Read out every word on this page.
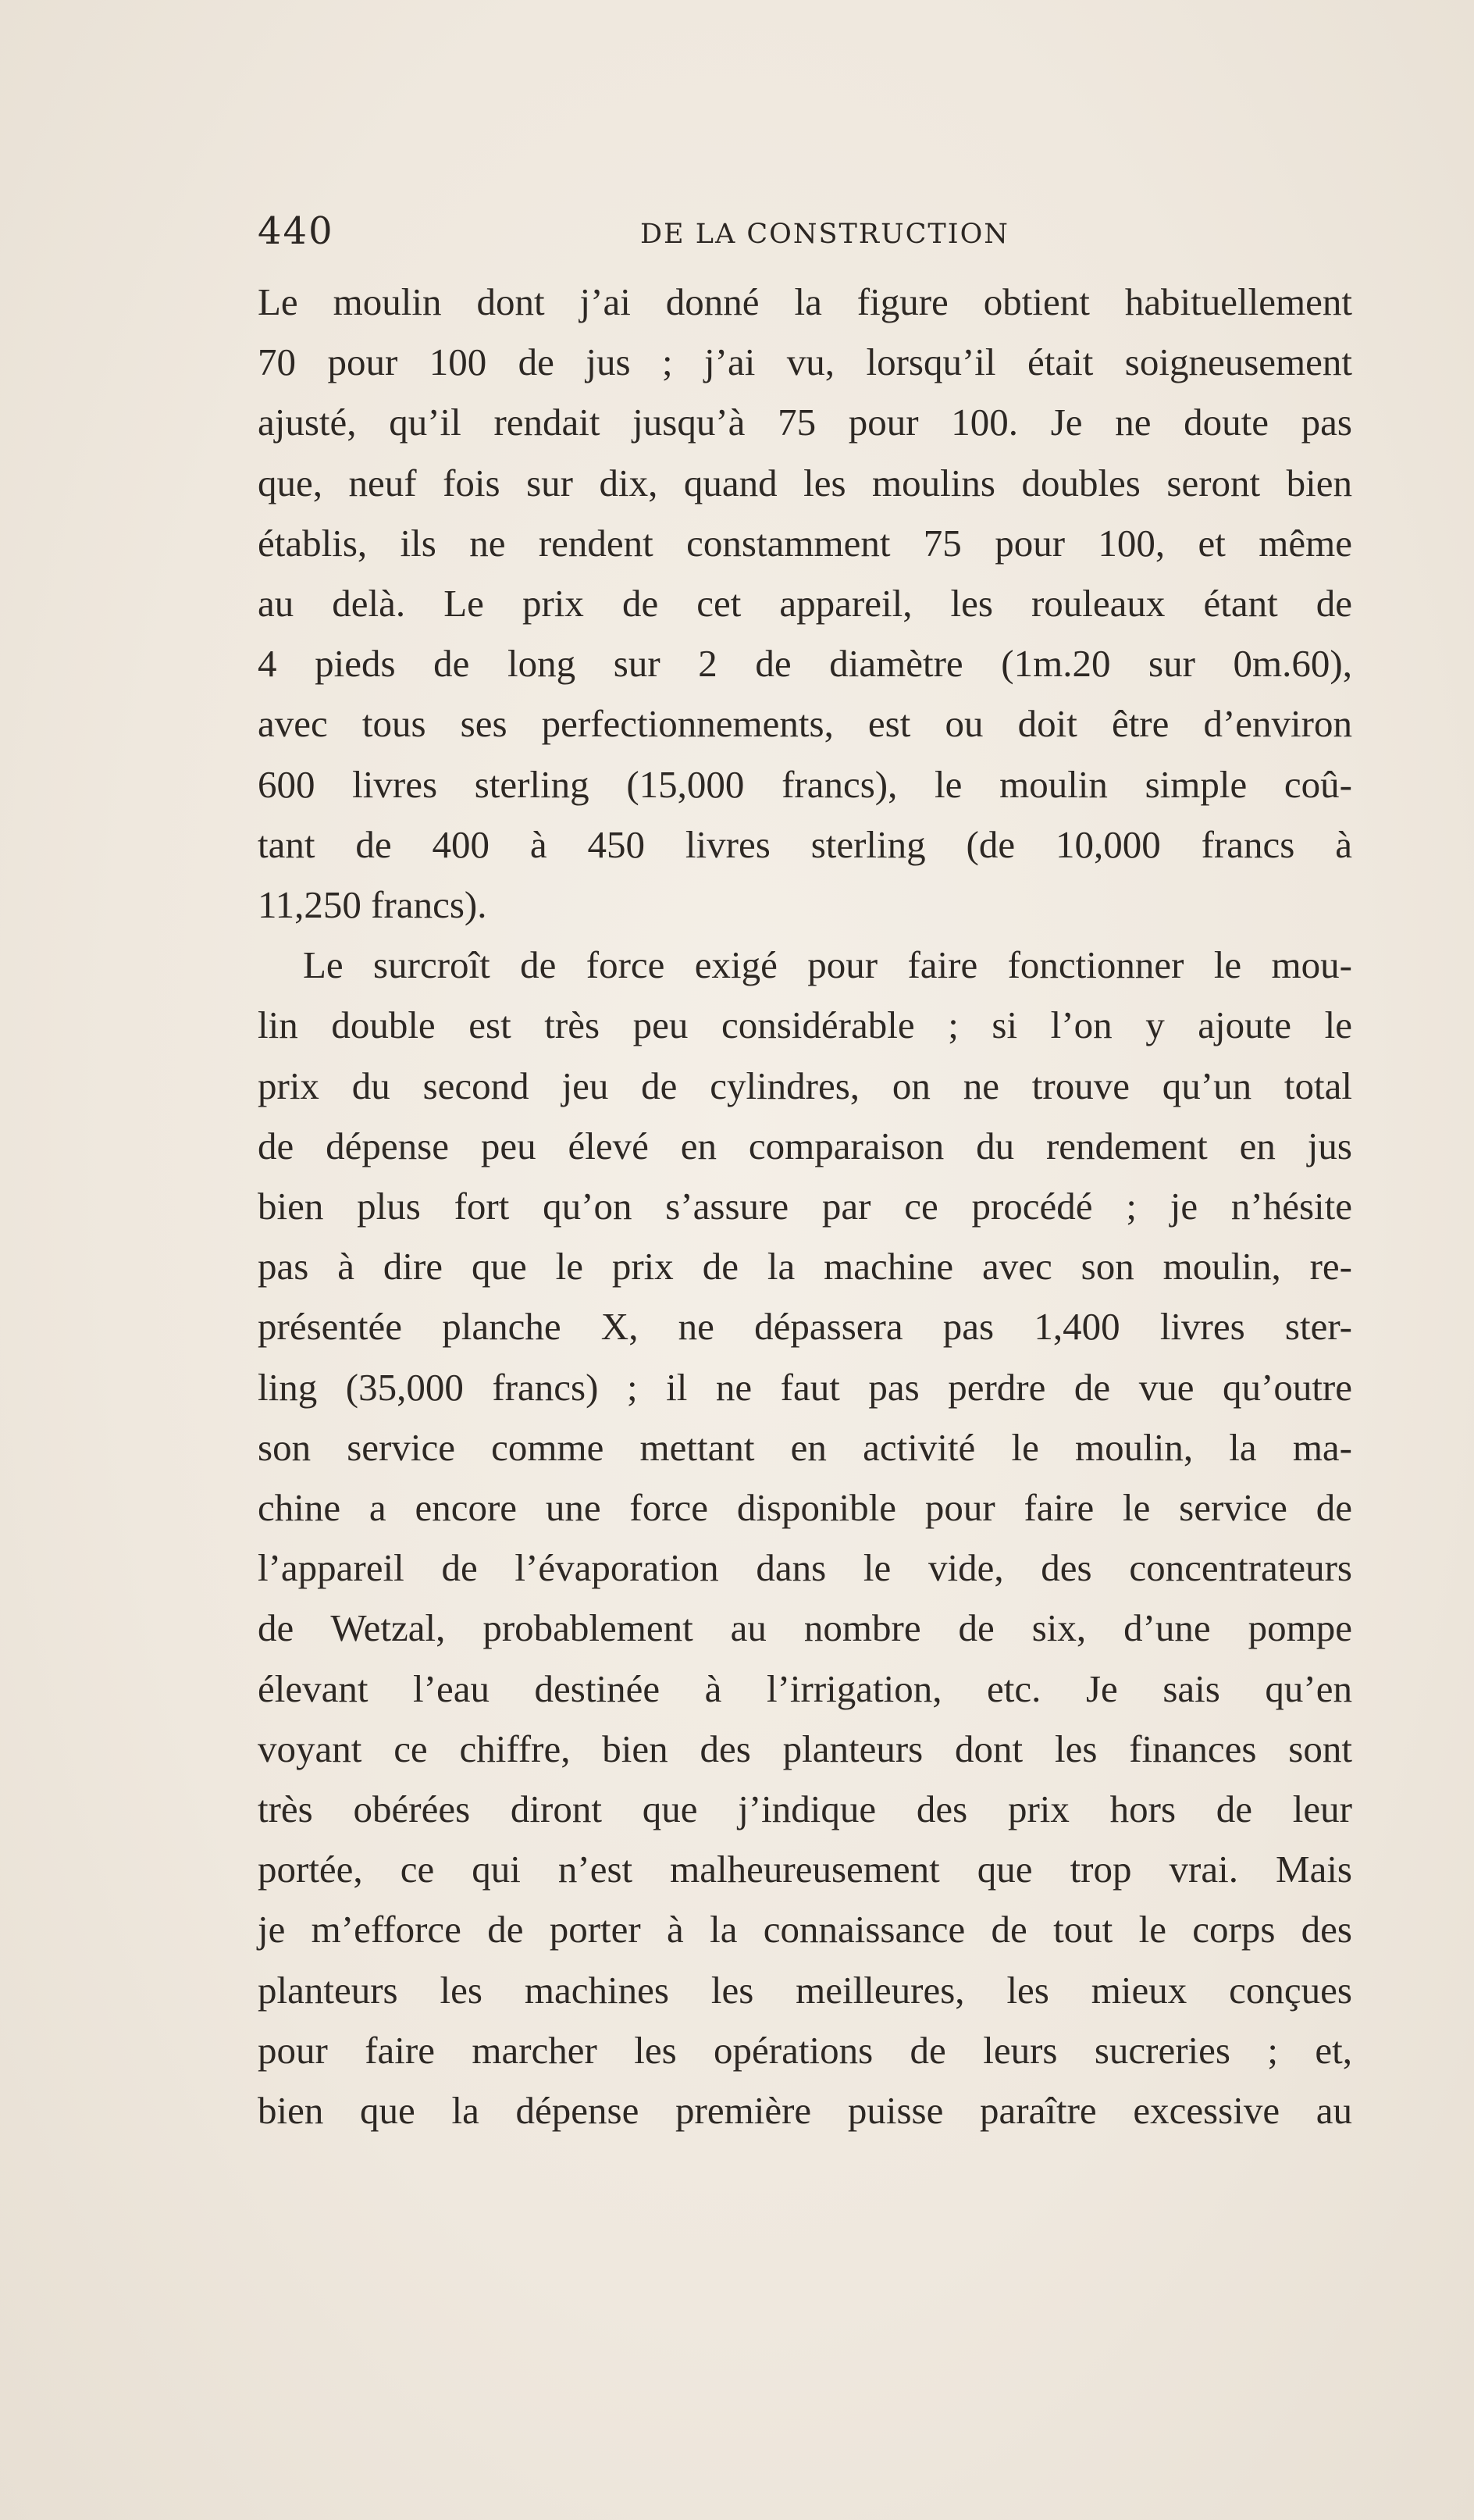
440	DE LA CONSTRUCTION

Le moulin dont j’ai donné la figure obtient habituellement

70 pour 100 de jus ; j’ai vu, lorsqu’il était soigneusement

ajusté, qu’il rendait jusqu’à 75 pour 100. Je ne doute pas

que, neuf fois sur dix, quand les moulins doubles seront bien

établis, ils ne rendent constamment 75 pour 100, et même

au delà. Le prix de cet appareil, les rouleaux étant de

4 pieds de long sur 2 de diamètre (1m.20 sur 0m.60),

avec tous ses perfectionnements, est ou doit être d’environ

600 livres sterling (15,000 francs), le moulin simple coû-

tant de 400 à 450 livres sterling (de 10,000 francs à

11,250 francs).

Le surcroît de force exigé pour faire fonctionner le mou-

lin double est très peu considérable ; si l’on y ajoute le

prix du second jeu de cylindres, on ne trouve qu’un total

de dépense peu élevé en comparaison du rendement en jus

bien plus fort qu’on s’assure par ce procédé ; je n’hésite

pas à dire que le prix de la machine avec son moulin, re-

présentée planche X, ne dépassera pas 1,400 livres ster-

ling (35,000 francs) ; il ne faut pas perdre de vue qu’outre

son service comme mettant en activité le moulin, la ma-

chine a encore une force disponible pour faire le service de

l’appareil de l’évaporation dans le vide, des concentrateurs

de Wetzal, probablement au nombre de six, d’une pompe

élevant l’eau destinée à l’irrigation, etc. Je sais qu’en

voyant ce chiffre, bien des planteurs dont les finances sont

très obérées diront que j’indique des prix hors de leur

portée, ce qui n’est malheureusement que trop vrai. Mais

je m’efforce de porter à la connaissance de tout le corps des

planteurs les machines les meilleures, les mieux conçues

pour faire marcher les opérations de leurs sucreries ; et,

bien que la dépense première puisse paraître excessive au
